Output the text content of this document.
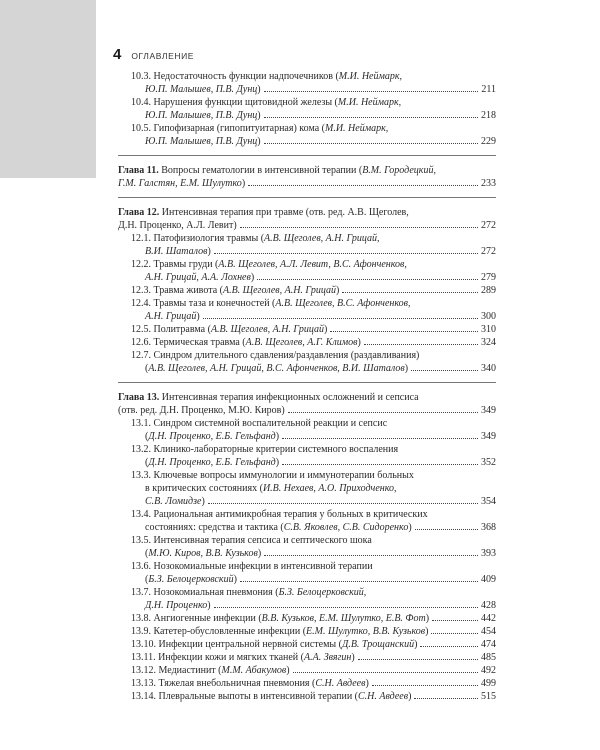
4 ОГЛАВЛЕНИЕ
10.3. Недостаточность функции надпочечников (М.И. Неймарк,
Ю.П. Малышев, П.В. Дунц)	211
10.4. Нарушения функции щитовидной железы (М.И. Неймарк,
Ю.П. Малышев, П.В. Дунц)	218
10.5. Гипофизарная (гипопитуитарная) кома (М.И. Неймарк,
Ю.П. Малышев, П.В. Дунц)	229
Глава 11. Вопросы гематологии в интенсивной терапии (В.М. Городецкий,
Г.М. Галстян, Е.М. Шулутко)	233
Глава 12. Интенсивная терапия при травме (отв. ред. А.В. Щеголев,
Д.Н. Проценко, А.Л. Левит)	272
12.1. Патофизиология травмы (А.В. Щеголев, А.Н. Грицай,
В.И. Шаталов)	272
12.2. Травмы груди (А.В. Щеголев, А.Л. Левит, В.С. Афонченков,
А.Н. Грицай, А.А. Лохнев)	279
12.3. Травма живота (А.В. Щеголев, А.Н. Грицай)	289
12.4. Травмы таза и конечностей (А.В. Щеголев, В.С. Афонченков,
А.Н. Грицай)	300
12.5. Политравма (А.В. Щеголев, А.Н. Грицай)	310
12.6. Термическая травма (А.В. Щеголев, А.Г. Климов)	324
12.7. Синдром длительного сдавления/раздавления (раздавливания)
(А.В. Щеголев, А.Н. Грицай, В.С. Афонченков, В.И. Шаталов)	340
Глава 13. Интенсивная терапия инфекционных осложнений и сепсиса
(отв. ред. Д.Н. Проценко, М.Ю. Киров)	349
13.1. Синдром системной воспалительной реакции и сепсис
(Д.Н. Проценко, Е.Б. Гельфанд)	349
13.2. Клинико-лабораторные критерии системного воспаления
(Д.Н. Проценко, Е.Б. Гельфанд)	352
13.3. Ключевые вопросы иммунологии и иммунотерапии больных
в критических состояниях (И.В. Нехаев, А.О. Приходченко,
С.В. Ломидзе)	354
13.4. Рациональная антимикробная терапия у больных в критических
состояниях: средства и тактика (С.В. Яковлев, С.В. Сидоренко)	368
13.5. Интенсивная терапия сепсиса и септического шока
(М.Ю. Киров, В.В. Кузьков)	393
13.6. Нозокомиальные инфекции в интенсивной терапии
(Б.З. Белоцерковский)	409
13.7. Нозокомиальная пневмония (Б.З. Белоцерковский,
Д.Н. Проценко)	428
13.8. Ангиогенные инфекции (В.В. Кузьков, Е.М. Шулутко, Е.В. Фот)	442
13.9. Катетер-обусловленные инфекции (Е.М. Шулутко, В.В. Кузьков)	454
13.10. Инфекции центральной нервной системы (Д.В. Трощанский)	474
13.11. Инфекции кожи и мягких тканей (А.А. Звягин)	485
13.12. Медиастинит (М.М. Абакумов)	492
13.13. Тяжелая внебольничная пневмония (С.Н. Авдеев)	499
13.14. Плевральные выпоты в интенсивной терапии (С.Н. Авдеев)	515
